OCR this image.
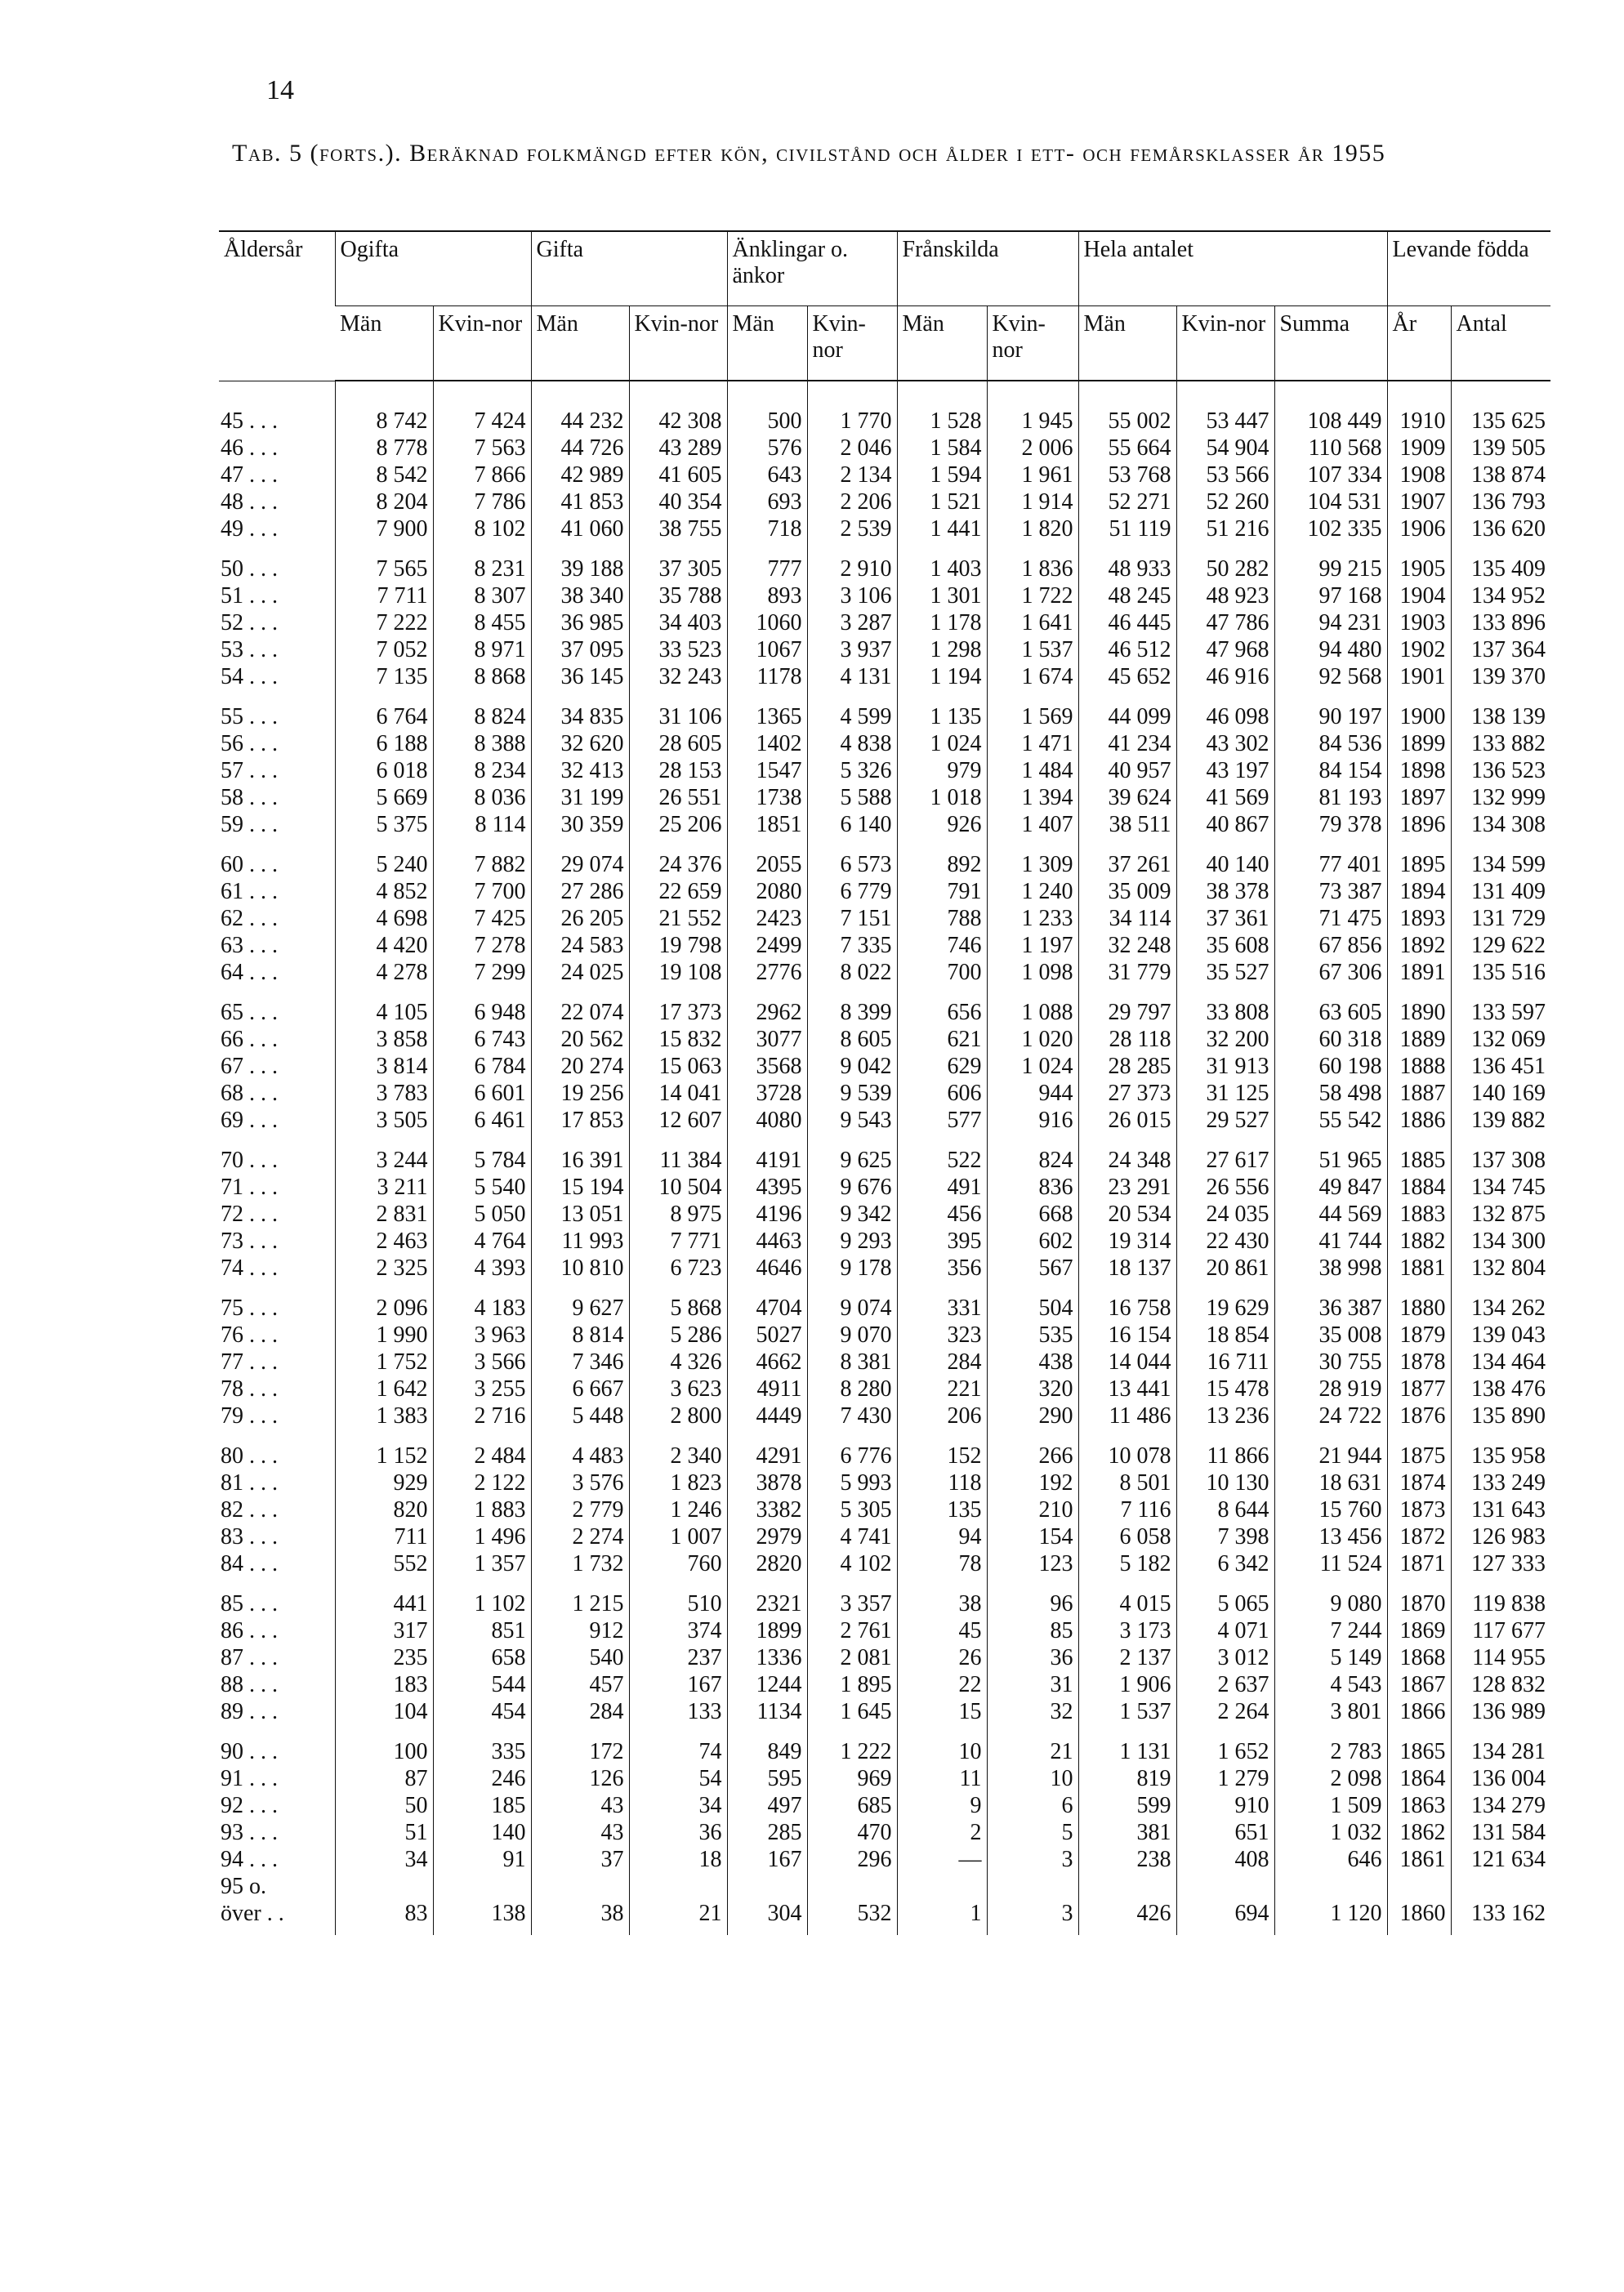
14
Tab. 5 (forts.). Beräknad folkmängd efter kön, civilstånd och ålder i ett- och femårsklasser år 1955
Åldersår	Ogifta		Gifta		Änklingar o. änkor		Frånskilda		Hela antalet			Levande födda	
	Män	Kvin-nor	Män	Kvin-nor	Män	Kvin-nor	Män	Kvin-nor	Män	Kvin-nor	Summa	År	Antal
45 . . .	8 742	7 424	44 232	42 308	500	1 770	1 528	1 945	55 002	53 447	108 449	1910	135 625
46 . . .	8 778	7 563	44 726	43 289	576	2 046	1 584	2 006	55 664	54 904	110 568	1909	139 505
47 . . .	8 542	7 866	42 989	41 605	643	2 134	1 594	1 961	53 768	53 566	107 334	1908	138 874
48 . . .	8 204	7 786	41 853	40 354	693	2 206	1 521	1 914	52 271	52 260	104 531	1907	136 793
49 . . .	7 900	8 102	41 060	38 755	718	2 539	1 441	1 820	51 119	51 216	102 335	1906	136 620
50 . . .	7 565	8 231	39 188	37 305	777	2 910	1 403	1 836	48 933	50 282	99 215	1905	135 409
51 . . .	7 711	8 307	38 340	35 788	893	3 106	1 301	1 722	48 245	48 923	97 168	1904	134 952
52 . . .	7 222	8 455	36 985	34 403	1060	3 287	1 178	1 641	46 445	47 786	94 231	1903	133 896
53 . . .	7 052	8 971	37 095	33 523	1067	3 937	1 298	1 537	46 512	47 968	94 480	1902	137 364
54 . . .	7 135	8 868	36 145	32 243	1178	4 131	1 194	1 674	45 652	46 916	92 568	1901	139 370
55 . . .	6 764	8 824	34 835	31 106	1365	4 599	1 135	1 569	44 099	46 098	90 197	1900	138 139
56 . . .	6 188	8 388	32 620	28 605	1402	4 838	1 024	1 471	41 234	43 302	84 536	1899	133 882
57 . . .	6 018	8 234	32 413	28 153	1547	5 326	979	1 484	40 957	43 197	84 154	1898	136 523
58 . . .	5 669	8 036	31 199	26 551	1738	5 588	1 018	1 394	39 624	41 569	81 193	1897	132 999
59 . . .	5 375	8 114	30 359	25 206	1851	6 140	926	1 407	38 511	40 867	79 378	1896	134 308
60 . . .	5 240	7 882	29 074	24 376	2055	6 573	892	1 309	37 261	40 140	77 401	1895	134 599
61 . . .	4 852	7 700	27 286	22 659	2080	6 779	791	1 240	35 009	38 378	73 387	1894	131 409
62 . . .	4 698	7 425	26 205	21 552	2423	7 151	788	1 233	34 114	37 361	71 475	1893	131 729
63 . . .	4 420	7 278	24 583	19 798	2499	7 335	746	1 197	32 248	35 608	67 856	1892	129 622
64 . . .	4 278	7 299	24 025	19 108	2776	8 022	700	1 098	31 779	35 527	67 306	1891	135 516
65 . . .	4 105	6 948	22 074	17 373	2962	8 399	656	1 088	29 797	33 808	63 605	1890	133 597
66 . . .	3 858	6 743	20 562	15 832	3077	8 605	621	1 020	28 118	32 200	60 318	1889	132 069
67 . . .	3 814	6 784	20 274	15 063	3568	9 042	629	1 024	28 285	31 913	60 198	1888	136 451
68 . . .	3 783	6 601	19 256	14 041	3728	9 539	606	944	27 373	31 125	58 498	1887	140 169
69 . . .	3 505	6 461	17 853	12 607	4080	9 543	577	916	26 015	29 527	55 542	1886	139 882
70 . . .	3 244	5 784	16 391	11 384	4191	9 625	522	824	24 348	27 617	51 965	1885	137 308
71 . . .	3 211	5 540	15 194	10 504	4395	9 676	491	836	23 291	26 556	49 847	1884	134 745
72 . . .	2 831	5 050	13 051	8 975	4196	9 342	456	668	20 534	24 035	44 569	1883	132 875
73 . . .	2 463	4 764	11 993	7 771	4463	9 293	395	602	19 314	22 430	41 744	1882	134 300
74 . . .	2 325	4 393	10 810	6 723	4646	9 178	356	567	18 137	20 861	38 998	1881	132 804
75 . . .	2 096	4 183	9 627	5 868	4704	9 074	331	504	16 758	19 629	36 387	1880	134 262
76 . . .	1 990	3 963	8 814	5 286	5027	9 070	323	535	16 154	18 854	35 008	1879	139 043
77 . . .	1 752	3 566	7 346	4 326	4662	8 381	284	438	14 044	16 711	30 755	1878	134 464
78 . . .	1 642	3 255	6 667	3 623	4911	8 280	221	320	13 441	15 478	28 919	1877	138 476
79 . . .	1 383	2 716	5 448	2 800	4449	7 430	206	290	11 486	13 236	24 722	1876	135 890
80 . . .	1 152	2 484	4 483	2 340	4291	6 776	152	266	10 078	11 866	21 944	1875	135 958
81 . . .	929	2 122	3 576	1 823	3878	5 993	118	192	8 501	10 130	18 631	1874	133 249
82 . . .	820	1 883	2 779	1 246	3382	5 305	135	210	7 116	8 644	15 760	1873	131 643
83 . . .	711	1 496	2 274	1 007	2979	4 741	94	154	6 058	7 398	13 456	1872	126 983
84 . . .	552	1 357	1 732	760	2820	4 102	78	123	5 182	6 342	11 524	1871	127 333
85 . . .	441	1 102	1 215	510	2321	3 357	38	96	4 015	5 065	9 080	1870	119 838
86 . . .	317	851	912	374	1899	2 761	45	85	3 173	4 071	7 244	1869	117 677
87 . . .	235	658	540	237	1336	2 081	26	36	2 137	3 012	5 149	1868	114 955
88 . . .	183	544	457	167	1244	1 895	22	31	1 906	2 637	4 543	1867	128 832
89 . . .	104	454	284	133	1134	1 645	15	32	1 537	2 264	3 801	1866	136 989
90 . . .	100	335	172	74	849	1 222	10	21	1 131	1 652	2 783	1865	134 281
91 . . .	87	246	126	54	595	969	11	10	819	1 279	2 098	1864	136 004
92 . . .	50	185	43	34	497	685	9	6	599	910	1 509	1863	134 279
93 . . .	51	140	43	36	285	470	2	5	381	651	1 032	1862	131 584
94 . . .	34	91	37	18	167	296	—	3	238	408	646	1861	121 634
95 o.													
över . .	83	138	38	21	304	532	1	3	426	694	1 120	1860	133 162
